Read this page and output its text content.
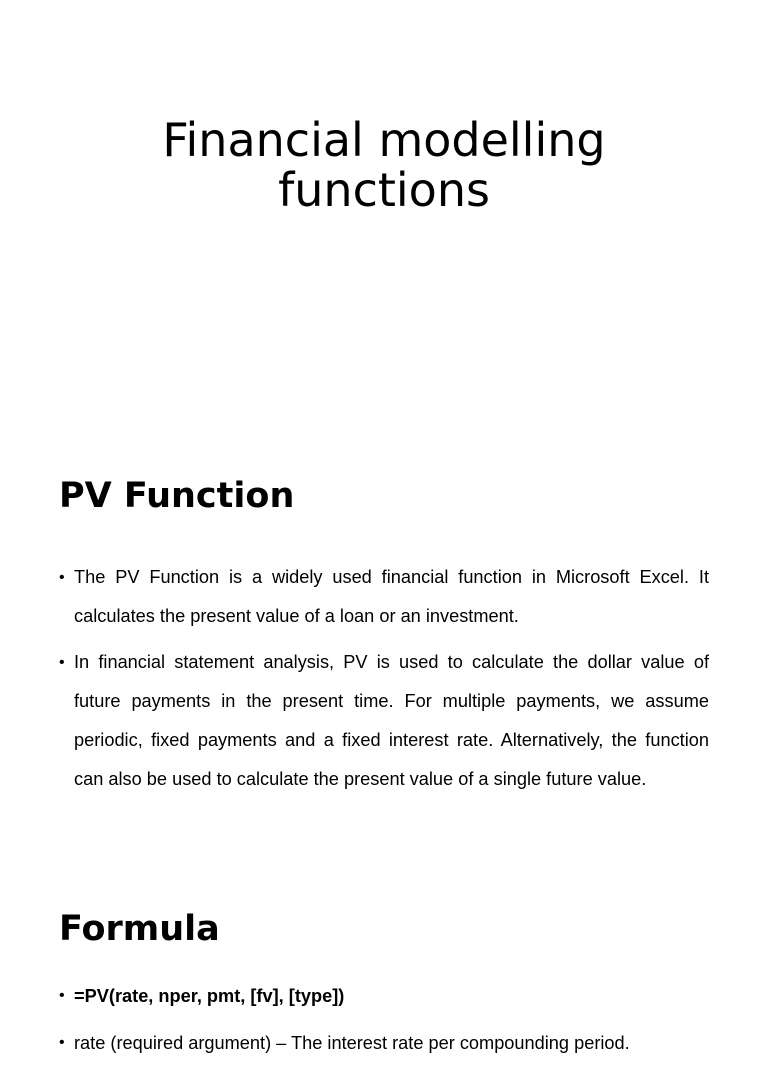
Financial modelling
functions
PV Function
• The PV Function is a widely used financial function in Microsoft Excel. It calculates the present value of a loan or an investment.
• In financial statement analysis, PV is used to calculate the dollar value of future payments in the present time. For multiple payments, we assume periodic, fixed payments and a fixed interest rate. Alternatively, the function can also be used to calculate the present value of a single future value.
Formula
• =PV(rate, nper, pmt, [fv], [type])
• rate (required argument) – The interest rate per compounding period.
